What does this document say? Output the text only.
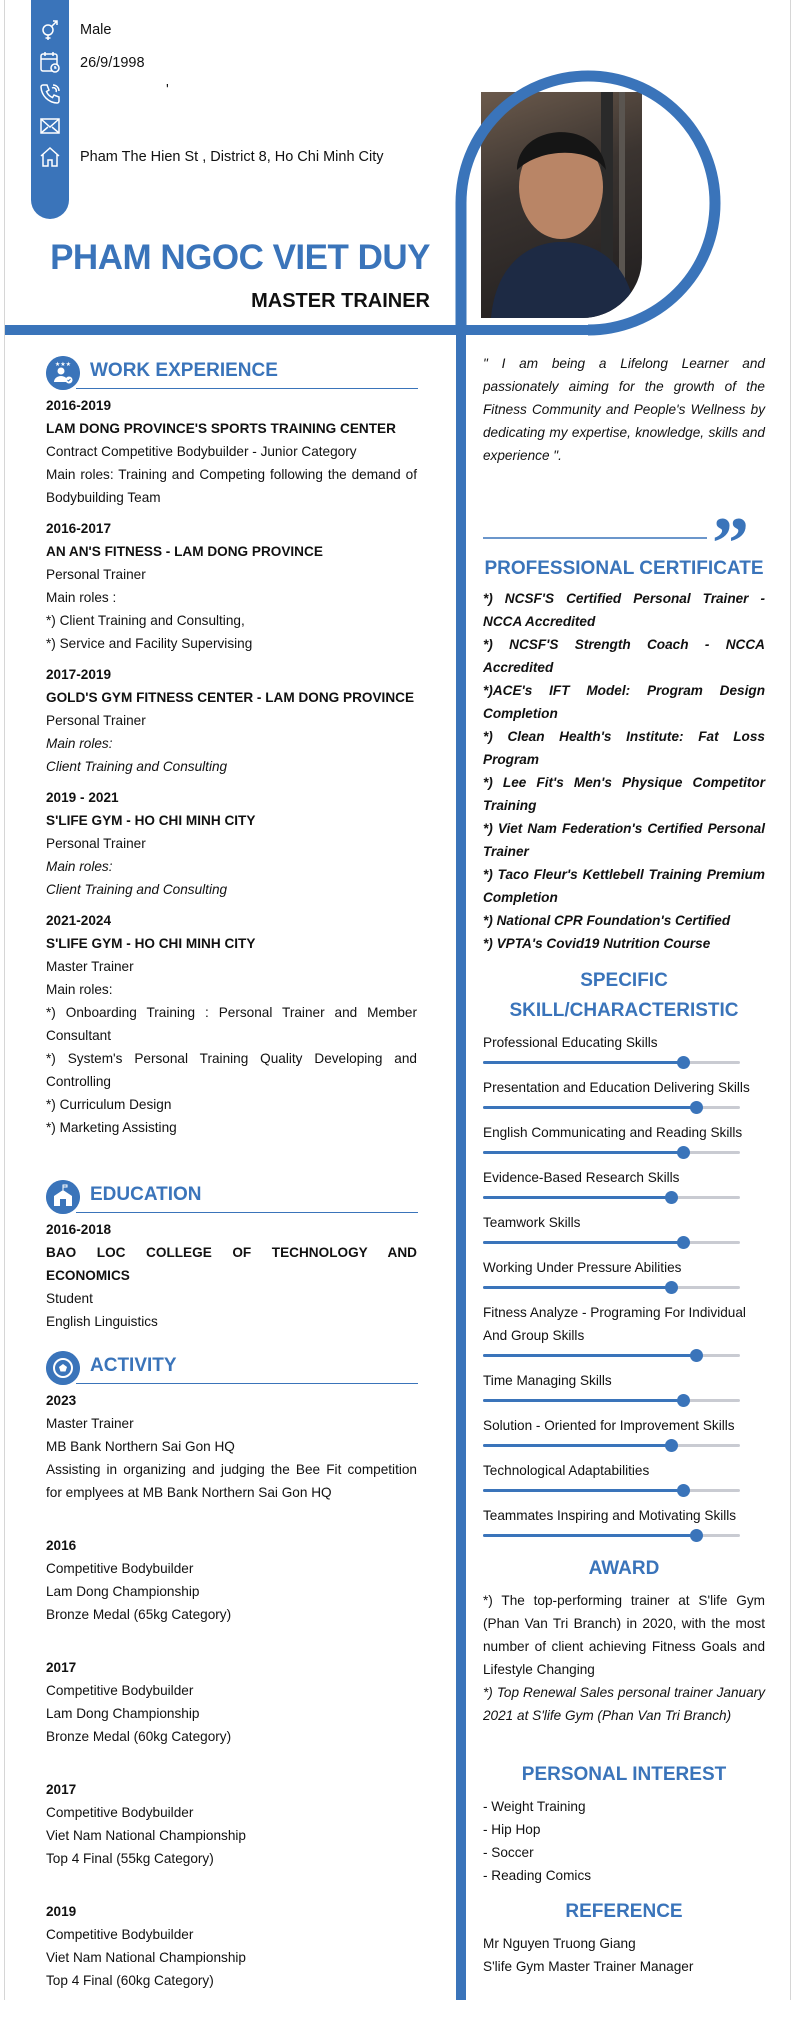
Male
26/9/1998
'
Pham The Hien St , District 8, Ho Chi Minh City
PHAM NGOC VIET DUY
MASTER TRAINER
★★★ WORK EXPERIENCE
2016-2019
LAM DONG PROVINCE'S SPORTS TRAINING CENTER
Contract Competitive Bodybuilder - Junior Category
Main roles: Training and Competing following the demand of Bodybuilding Team
2016-2017
AN AN'S FITNESS - LAM DONG PROVINCE
Personal Trainer
Main roles :
*) Client Training and Consulting,
*) Service and Facility Supervising
2017-2019
GOLD'S GYM FITNESS CENTER - LAM DONG PROVINCE
Personal Trainer
Main roles:
Client Training and Consulting
2019 - 2021
S'LIFE GYM - HO CHI MINH CITY
Personal Trainer
Main roles:
Client Training and Consulting
2021-2024
S'LIFE GYM - HO CHI MINH CITY
Master Trainer
Main roles:
*) Onboarding Training : Personal Trainer and Member Consultant
*) System's Personal Training Quality Developing and Controlling
*) Curriculum Design
*) Marketing Assisting
EDUCATION
2016-2018
BAO LOC COLLEGE OF TECHNOLOGY AND ECONOMICS
Student
English Linguistics
ACTIVITY
2023
Master Trainer
MB Bank Northern Sai Gon HQ
Assisting in organizing and judging the Bee Fit competition for emplyees at MB Bank Northern Sai Gon HQ
2016
Competitive Bodybuilder
Lam Dong Championship
Bronze Medal (65kg Category)
2017
Competitive Bodybuilder
Lam Dong Championship
Bronze Medal (60kg Category)
2017
Competitive Bodybuilder
Viet Nam National Championship
Top 4 Final (55kg Category)
2019
Competitive Bodybuilder
Viet Nam National Championship
Top 4 Final (60kg Category)
" I am being a Lifelong Learner and passionately aiming for the growth of the Fitness Community and People's Wellness by dedicating my expertise, knowledge, skills and experience ".
”
PROFESSIONAL CERTIFICATE
*) NCSF'S Certified Personal Trainer - NCCA Accredited
*) NCSF'S Strength Coach - NCCA Accredited
*)ACE's IFT Model: Program Design Completion
*) Clean Health's Institute: Fat Loss Program
*) Lee Fit's Men's Physique Competitor Training
*) Viet Nam Federation's Certified Personal Trainer
*) Taco Fleur's Kettlebell Training Premium Completion
*) National CPR Foundation's Certified
*) VPTA's Covid19 Nutrition Course
SPECIFIC
SKILL/CHARACTERISTIC
Professional Educating Skills
Presentation and Education Delivering Skills
English Communicating and Reading Skills
Evidence-Based Research Skills
Teamwork Skills
Working Under Pressure Abilities
Fitness Analyze - Programing For Individual And Group Skills
Time Managing Skills
Solution - Oriented for Improvement Skills
Technological Adaptabilities
Teammates Inspiring and Motivating Skills
AWARD
*) The top-performing trainer at S'life Gym (Phan Van Tri Branch) in 2020, with the most number of client achieving Fitness Goals and Lifestyle Changing
*) Top Renewal Sales personal trainer January 2021 at S'life Gym (Phan Van Tri Branch)
PERSONAL INTEREST
- Weight Training
- Hip Hop
- Soccer
- Reading Comics
REFERENCE
Mr Nguyen Truong Giang
S'life Gym Master Trainer Manager
